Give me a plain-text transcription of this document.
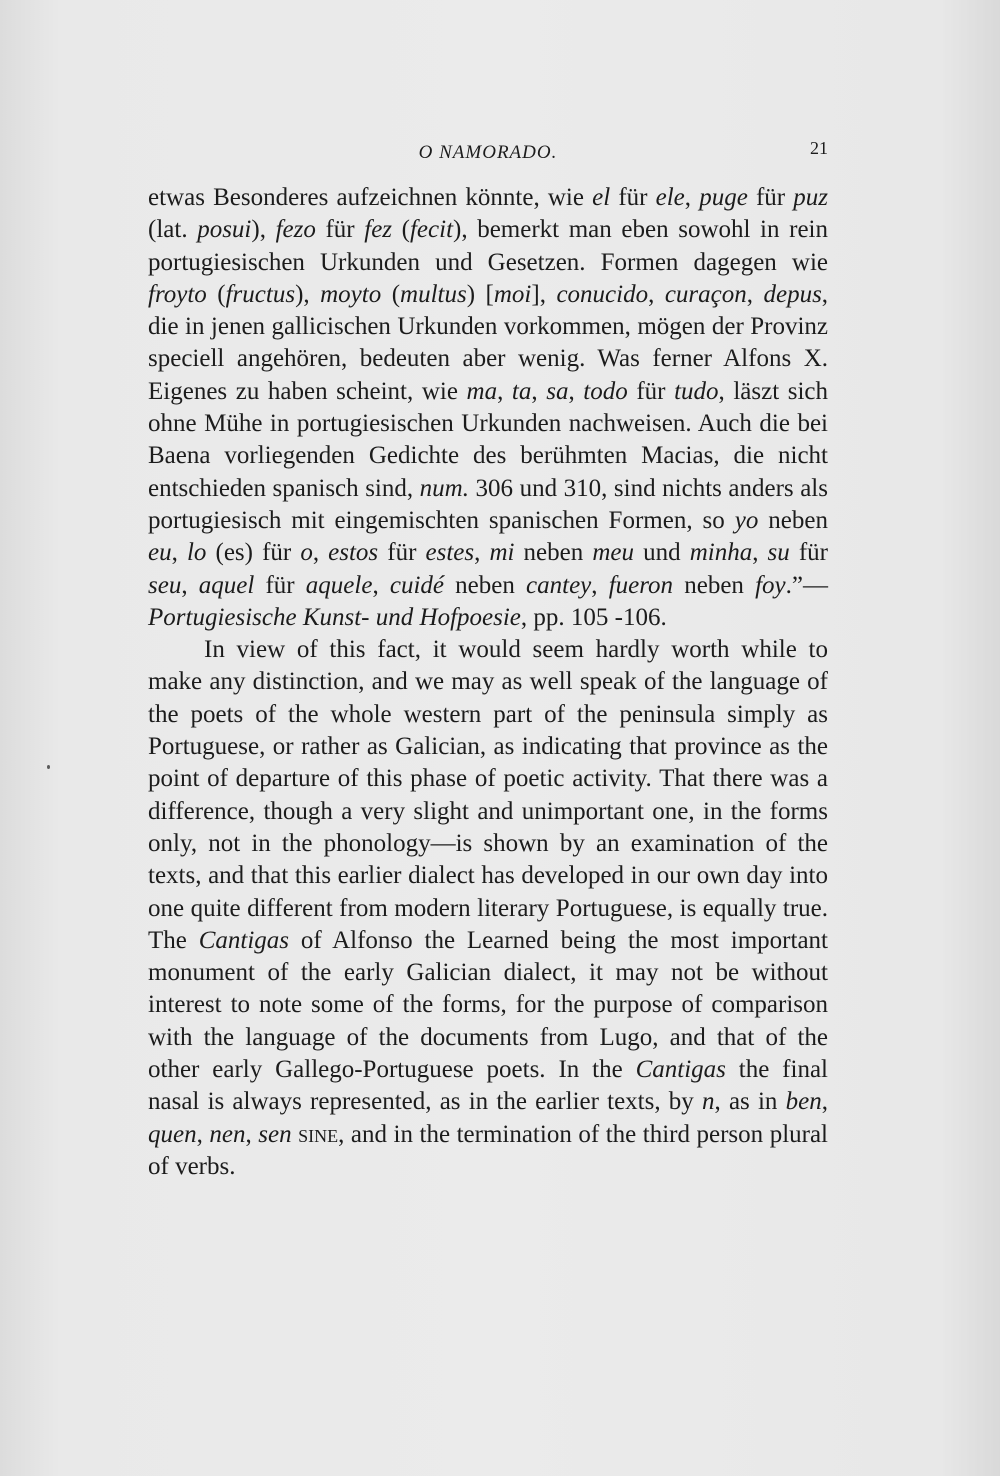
O NAMORADO.	21

etwas Besonderes aufzeichnen könnte, wie el für ele, puge für puz (lat. posui), fezo für fez (fecit), bemerkt man eben sowohl in rein portugiesischen Urkunden und Gesetzen. Formen dagegen wie froyto (fructus), moyto (multus) [moi], conucido, curaçon, depus, die in jenen gallicischen Urkunden vorkommen, mögen der Provinz speciell angehören, bedeuten aber wenig. Was ferner Alfons X. Eigenes zu haben scheint, wie ma, ta, sa, todo für tudo, läszt sich ohne Mühe in portugiesischen Urkunden nachweisen. Auch die bei Baena vorliegenden Gedichte des berühmten Macias, die nicht entschieden spanisch sind, num. 306 und 310, sind nichts anders als portugiesisch mit eingemischten spanischen Formen, so yo neben eu, lo (es) für o, estos für estes, mi neben meu und minha, su für seu, aquel für aquele, cuidé neben cantey, fueron neben foy.”— Portugiesische Kunst- und Hofpoesie, pp. 105 -106.

In view of this fact, it would seem hardly worth while to make any distinction, and we may as well speak of the language of the poets of the whole western part of the peninsula simply as Portuguese, or rather as Galician, as indicating that province as the point of departure of this phase of poetic activity. That there was a difference, though a very slight and unimportant one, in the forms only, not in the phonology—is shown by an examination of the texts, and that this earlier dialect has developed in our own day into one quite different from modern literary Portuguese, is equally true. The Cantigas of Alfonso the Learned being the most important monument of the early Galician dialect, it may not be without interest to note some of the forms, for the purpose of comparison with the language of the documents from Lugo, and that of the other early Gallego-Portuguese poets. In the Cantigas the final nasal is always represented, as in the earlier texts, by n, as in ben, quen, nen, sen sine, and in the termination of the third person plural of verbs.
